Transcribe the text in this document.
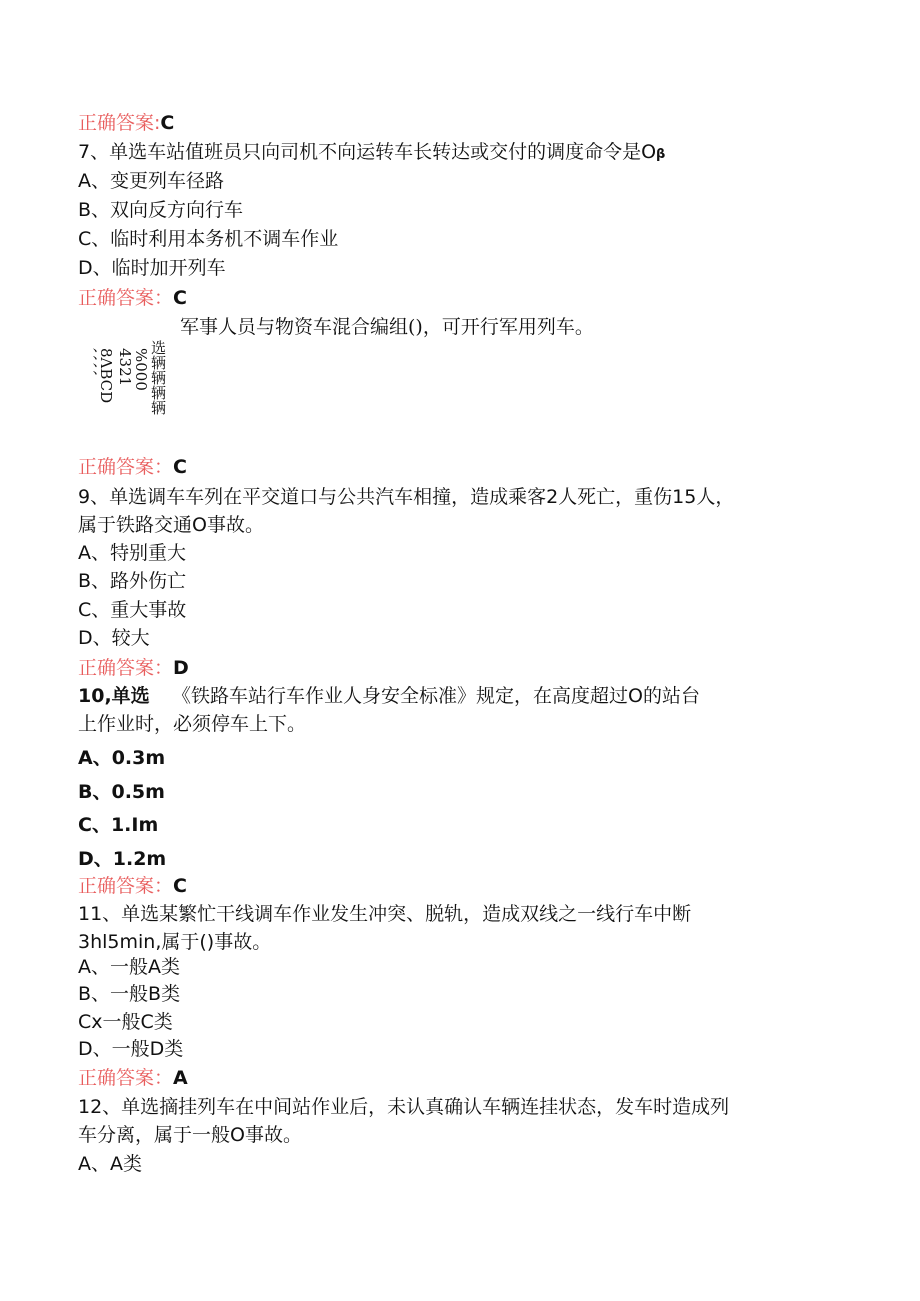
正确答案:C
7、单选车站值班员只向司机不向运转车长转达或交付的调度命令是Oβ
A、变更列车径路
B、双向反方向行车
C、临时利用本务机不调车作业
D、临时加开列车
正确答案：C
军事人员与物资车混合编组()，可开行军用列车。
、、、、
8ΛBCD 4321
%000 选辆辆辆辆
正确答案：C
9、单选调车车列在平交道口与公共汽车相撞，造成乘客2人死亡，重伤15人，
属于铁路交通O事故。
A、特别重大
B、路外伤亡
C、重大事故
D、较大
正确答案：D
10,单选 《铁路车站行车作业人身安全标准》规定，在高度超过O的站台
上作业时，必须停车上下。
A、0.3m
B、0.5m
C、1.Im
D、1.2m
正确答案：C
11、单选某繁忙干线调车作业发生冲突、脱轨，造成双线之一线行车中断
3hl5min,属于()事故。
A、一般A类
B、一般B类
Cx一般C类
D、一般D类
正确答案：A
12、单选摘挂列车在中间站作业后，未认真确认车辆连挂状态，发车时造成列
车分离，属于一般O事故。
A、A类
